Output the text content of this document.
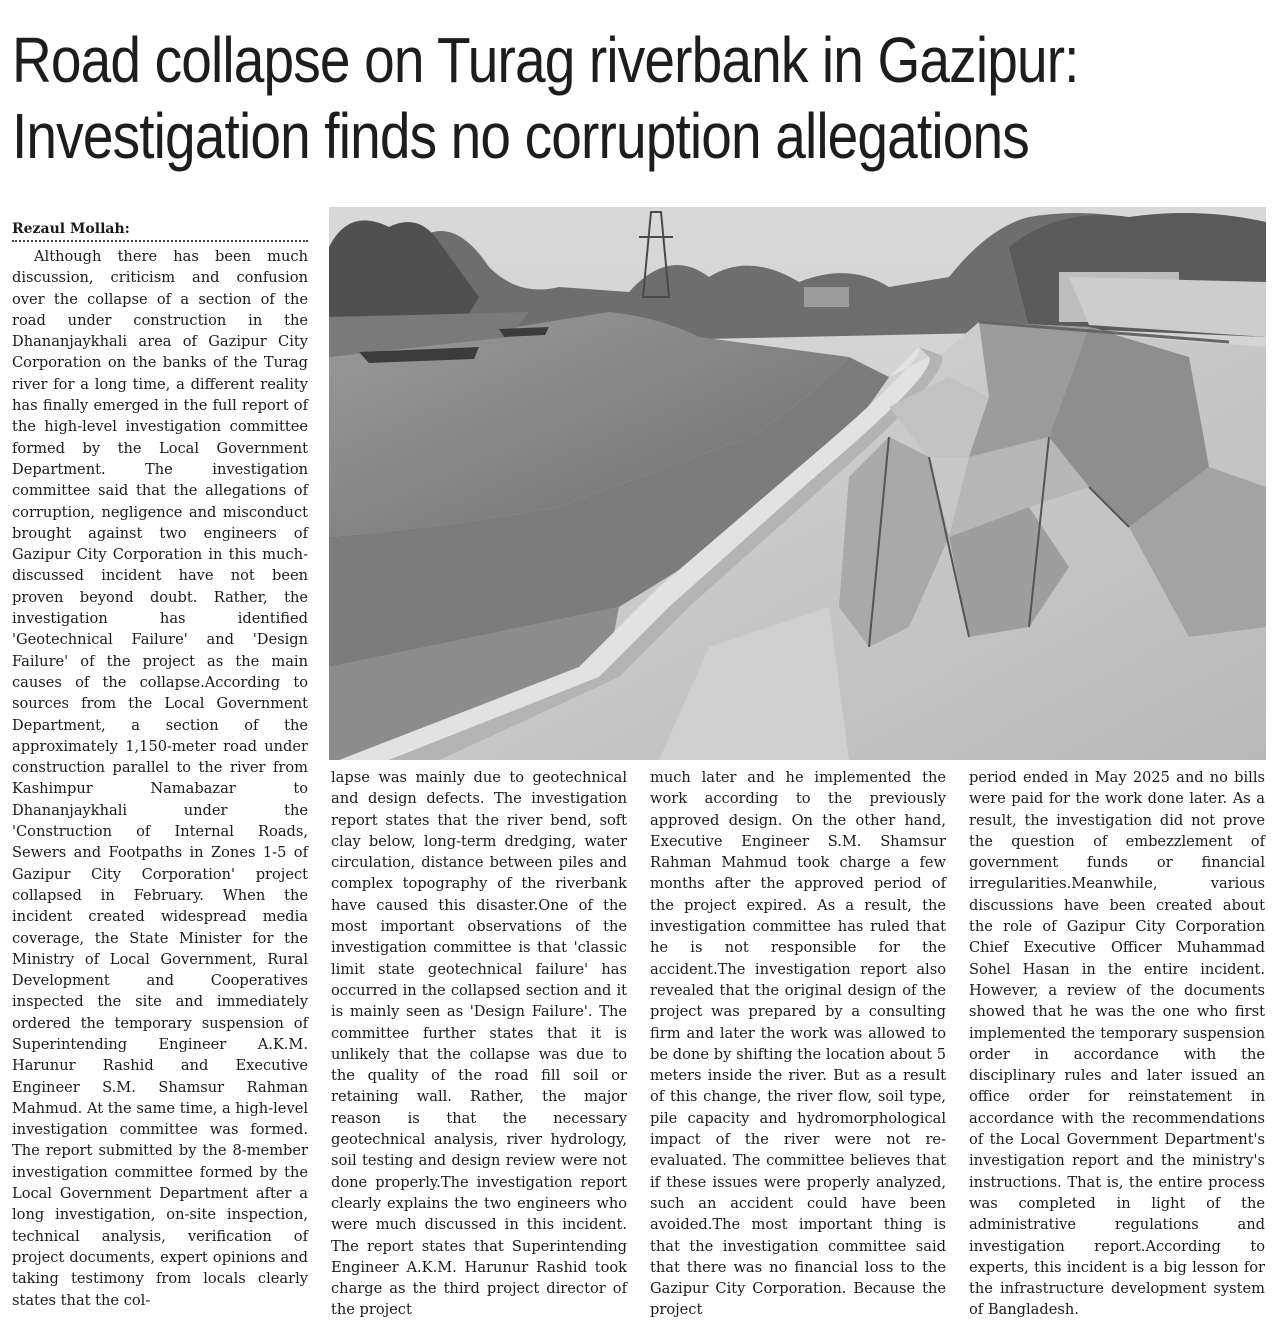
Road collapse on Turag riverbank in Gazipur:
Investigation finds no corruption allegations
Rezaul Mollah:

Although there has been much discussion, criticism and confusion over the collapse of a section of the road under construction in the Dhananjaykhali area of Gazipur City Corporation on the banks of the Turag river for a long time, a different reality has finally emerged in the full report of the high-level investigation committee formed by the Local Government Department. The investigation committee said that the allegations of corruption, negligence and misconduct brought against two engineers of Gazipur City Corporation in this much-discussed incident have not been proven beyond doubt. Rather, the investigation has identified 'Geotechnical Failure' and 'Design Failure' of the project as the main causes of the collapse.According to sources from the Local Government Department, a section of the approximately 1,150-meter road under construction parallel to the river from Kashimpur Namabazar to Dhananjaykhali under the 'Construction of Internal Roads, Sewers and Footpaths in Zones 1-5 of Gazipur City Corporation' project collapsed in February. When the incident created widespread media coverage, the State Minister for the Ministry of Local Government, Rural Development and Cooperatives inspected the site and immediately ordered the temporary suspension of Superintending Engineer A.K.M. Harunur Rashid and Executive Engineer S.M. Shamsur Rahman Mahmud. At the same time, a high-level investigation committee was formed. The report submitted by the 8-member investigation committee formed by the Local Government Department after a long investigation, on-site inspection, technical analysis, verification of project documents, expert opinions and taking testimony from locals clearly states that the col-

lapse was mainly due to geotechnical and design defects. The investigation report states that the river bend, soft clay below, long-term dredging, water circulation, distance between piles and complex topography of the riverbank have caused this disaster.One of the most important observations of the investigation committee is that 'classic limit state geotechnical failure' has occurred in the collapsed section and it is mainly seen as 'Design Failure'. The committee further states that it is unlikely that the collapse was due to the quality of the road fill soil or retaining wall. Rather, the major reason is that the necessary geotechnical analysis, river hydrology, soil testing and design review were not done properly.The investigation report clearly explains the two engineers who were much discussed in this incident. The report states that Superintending Engineer A.K.M. Harunur Rashid took charge as the third project director of the project

much later and he implemented the work according to the previously approved design. On the other hand, Executive Engineer S.M. Shamsur Rahman Mahmud took charge a few months after the approved period of the project expired. As a result, the investigation committee has ruled that he is not responsible for the accident.The investigation report also revealed that the original design of the project was prepared by a consulting firm and later the work was allowed to be done by shifting the location about 5 meters inside the river. But as a result of this change, the river flow, soil type, pile capacity and hydromorphological impact of the river were not re-evaluated. The committee believes that if these issues were properly analyzed, such an accident could have been avoided.The most important thing is that the investigation committee said that there was no financial loss to the Gazipur City Corporation. Because the project

period ended in May 2025 and no bills were paid for the work done later. As a result, the investigation did not prove the question of embezzlement of government funds or financial irregularities.Meanwhile, various discussions have been created about the role of Gazipur City Corporation Chief Executive Officer Muhammad Sohel Hasan in the entire incident. However, a review of the documents showed that he was the one who first implemented the temporary suspension order in accordance with the disciplinary rules and later issued an office order for reinstatement in accordance with the recommendations of the Local Government Department's investigation report and the ministry's instructions. That is, the entire process was completed in light of the administrative regulations and investigation report.According to experts, this incident is a big lesson for the infrastructure development system of Bangladesh.
